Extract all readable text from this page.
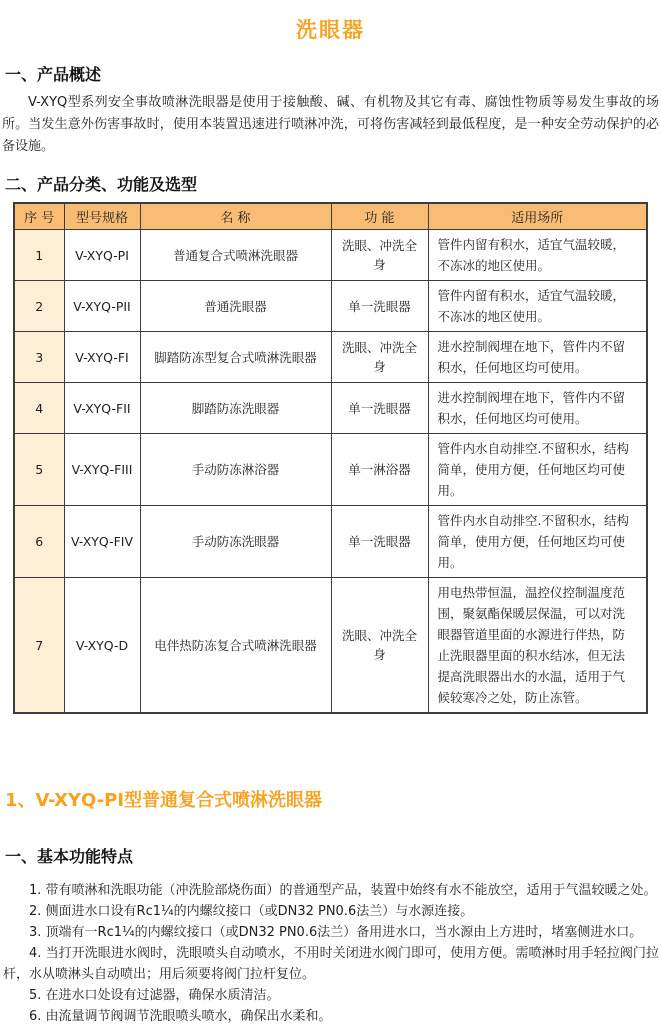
洗眼器
一、产品概述

V-XYQ型系列安全事故喷淋洗眼器是使用于接触酸、碱、有机物及其它有毒、腐蚀性物质等易发生事故的场所。当发生意外伤害事故时，使用本装置迅速进行喷淋冲洗，可将伤害减轻到最低程度，是一种安全劳动保护的必备设施。

二、产品分类、功能及选型
序 号	型号规格	名 称	功 能	适用场所
1	V-XYQ-PI	普通复合式喷淋洗眼器	洗眼、冲洗全身	管件内留有积水，适宜气温较暖，不冻冰的地区使用。
2	V-XYQ-PII	普通洗眼器	单一洗眼器	管件内留有积水，适宜气温较暖，不冻冰的地区使用。
3	V-XYQ-FI	脚踏防冻型复合式喷淋洗眼器	洗眼、冲洗全身	进水控制阀埋在地下，管件内不留积水，任何地区均可使用。
4	V-XYQ-FII	脚踏防冻洗眼器	单一洗眼器	进水控制阀埋在地下，管件内不留积水，任何地区均可使用。
5	V-XYQ-FIII	手动防冻淋浴器	单一淋浴器	管件内水自动排空.不留积水，结构简单，使用方便，任何地区均可使用。
6	V-XYQ-FIV	手动防冻洗眼器	单一洗眼器	管件内水自动排空.不留积水，结构简单，使用方便，任何地区均可使用。
7	V-XYQ-D	电伴热防冻复合式喷淋洗眼器	洗眼、冲洗全身	用电热带恒温，温控仪控制温度范围，聚氨酯保暖层保温，可以对洗眼器管道里面的水源进行伴热，防止洗眼器里面的积水结冰，但无法提高洗眼器出水的水温，适用于气候较寒冷之处，防止冻管。
1、V-XYQ-PⅠ型普通复合式喷淋洗眼器
一、基本功能特点

1. 带有喷淋和洗眼功能（冲洗脸部烧伤面）的普通型产品，装置中始终有水不能放空，适用于气温较暖之处。

2. 侧面进水口设有Rc1¼的内螺纹接口（或DN32 PN0.6法兰）与水源连接。

3. 顶端有一Rc1¼的内螺纹接口（或DN32 PN0.6法兰）备用进水口，当水源由上方进时，堵塞侧进水口。

4. 当打开洗眼进水阀时，洗眼喷头自动喷水，不用时关闭进水阀门即可，使用方便。需喷淋时用手轻拉阀门拉杆，水从喷淋头自动喷出；用后须要将阀门拉杆复位。

5. 在进水口处设有过滤器，确保水质清洁。

6. 由流量调节阀调节洗眼喷头喷水，确保出水柔和。
